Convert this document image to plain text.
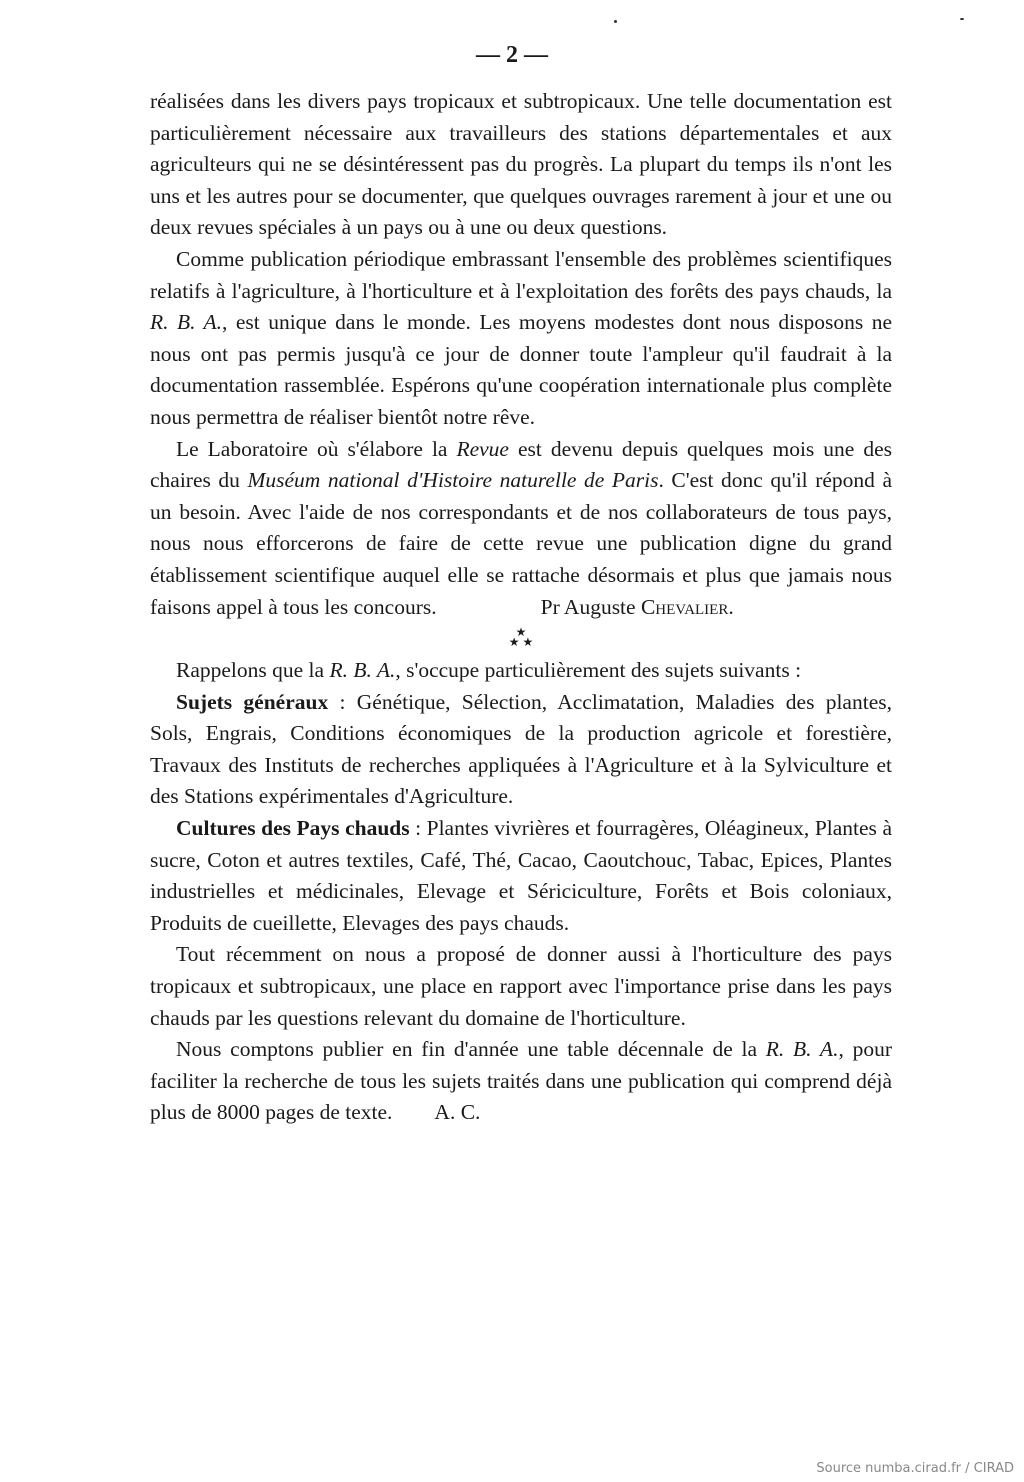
— 2 —

réalisées dans les divers pays tropicaux et subtropicaux. Une telle documentation est particulièrement nécessaire aux travailleurs des stations départementales et aux agriculteurs qui ne se désintéressent pas du progrès. La plupart du temps ils n'ont les uns et les autres pour se documenter, que quelques ouvrages rarement à jour et une ou deux revues spéciales à un pays ou à une ou deux questions.

Comme publication périodique embrassant l'ensemble des problèmes scientifiques relatifs à l'agriculture, à l'horticulture et à l'exploitation des forêts des pays chauds, la R. B. A., est unique dans le monde. Les moyens modestes dont nous disposons ne nous ont pas permis jusqu'à ce jour de donner toute l'ampleur qu'il faudrait à la documentation rassemblée. Espérons qu'une coopération internationale plus complète nous permettra de réaliser bientôt notre rêve.

Le Laboratoire où s'élabore la Revue est devenu depuis quelques mois une des chaires du Muséum national d'Histoire naturelle de Paris. C'est donc qu'il répond à un besoin. Avec l'aide de nos correspondants et de nos collaborateurs de tous pays, nous nous efforcerons de faire de cette revue une publication digne du grand établissement scientifique auquel elle se rattache désormais et plus que jamais nous faisons appel à tous les concours.	Pr Auguste Chevalier.

★
★ ★

Rappelons que la R. B. A., s'occupe particulièrement des sujets suivants :

Sujets généraux : Génétique, Sélection, Acclimatation, Maladies des plantes, Sols, Engrais, Conditions économiques de la production agricole et forestière, Travaux des Instituts de recherches appliquées à l'Agriculture et à la Sylviculture et des Stations expérimentales d'Agriculture.

Cultures des Pays chauds : Plantes vivrières et fourragères, Oléagineux, Plantes à sucre, Coton et autres textiles, Café, Thé, Cacao, Caoutchouc, Tabac, Epices, Plantes industrielles et médicinales, Elevage et Sériciculture, Forêts et Bois coloniaux, Produits de cueillette, Elevages des pays chauds.

Tout récemment on nous a proposé de donner aussi à l'horticulture des pays tropicaux et subtropicaux, une place en rapport avec l'importance prise dans les pays chauds par les questions relevant du domaine de l'horticulture.

Nous comptons publier en fin d'année une table décennale de la R. B. A., pour faciliter la recherche de tous les sujets traités dans une publication qui comprend déjà plus de 8000 pages de texte. A. C.

Source numba.cirad.fr / CIRAD
